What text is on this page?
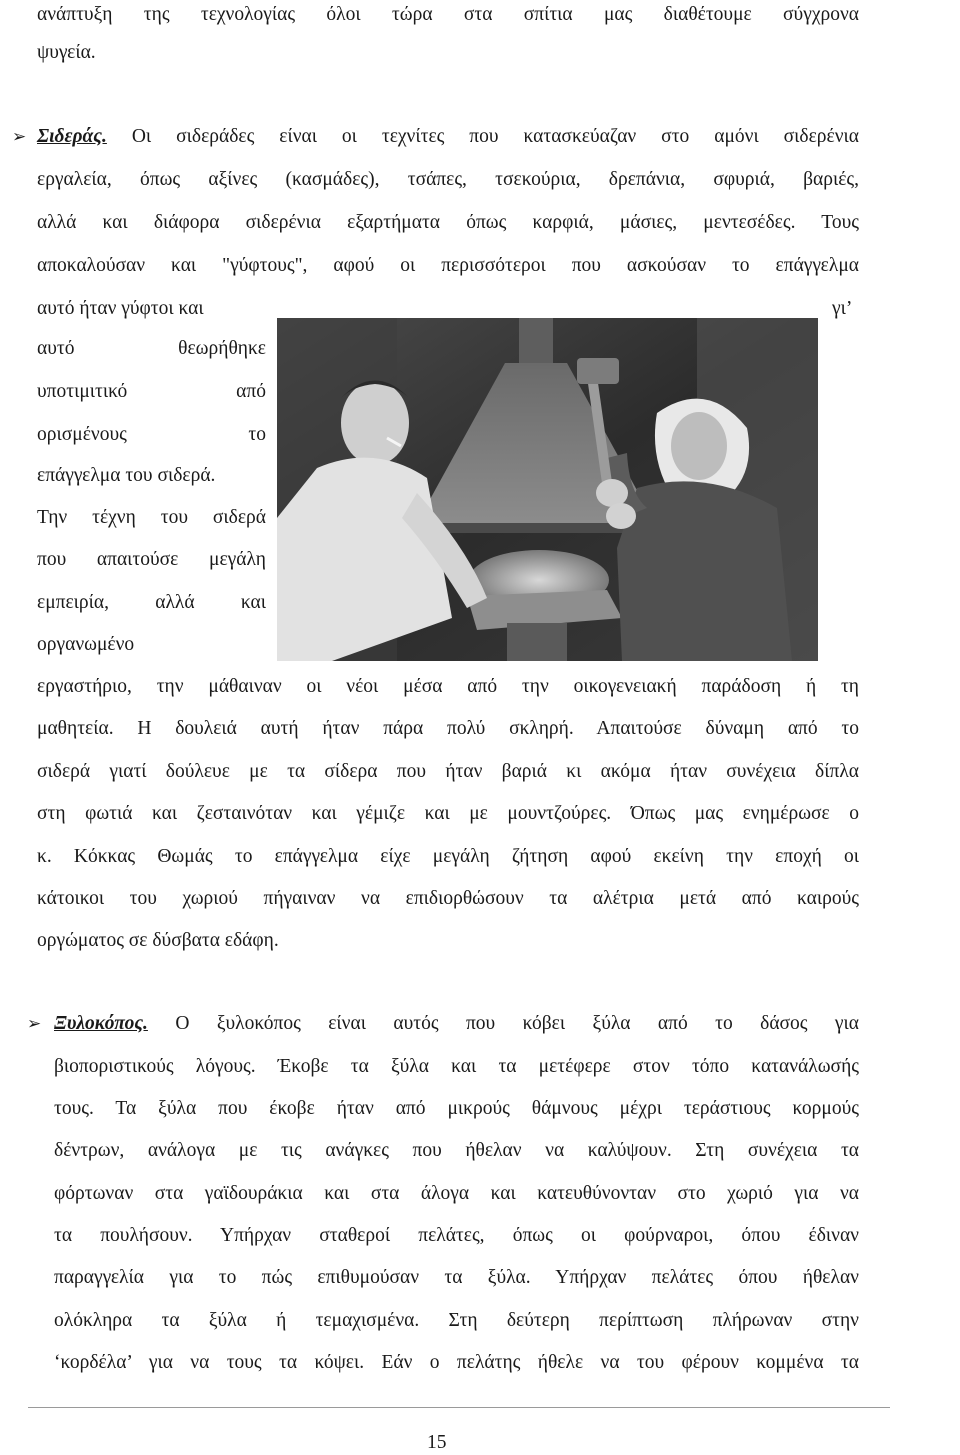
ανάπτυξη της τεχνολογίας όλοι τώρα στα σπίτια μας διαθέτουμε σύγχρονα
ψυγεία.
➢ Σιδεράς. Οι σιδεράδες είναι οι τεχνίτες που κατασκεύαζαν στο αμόνι σιδερένια
εργαλεία, όπως αξίνες (κασμάδες), τσάπες, τσεκούρια, δρεπάνια, σφυριά, βαριές,
αλλά και διάφορα σιδερένια εξαρτήματα όπως καρφιά, μάσιες, μεντεσέδες. Τους
αποκαλούσαν και "γύφτους", αφού οι περισσότεροι που ασκούσαν το επάγγελμα
αυτό ήταν γύφτοι και	γι’
αυτό θεωρήθηκε
υποτιμιτικό από
ορισμένους το
επάγγελμα του σιδερά.
Την τέχνη του σιδερά
που απαιτούσε μεγάλη
εμπειρία, αλλά και
οργανωμένο
εργαστήριο, την μάθαιναν οι νέοι μέσα από την οικογενειακή παράδοση ή τη
μαθητεία. Η δουλειά αυτή ήταν πάρα πολύ σκληρή. Απαιτούσε δύναμη από το
σιδερά γιατί δούλευε με τα σίδερα που ήταν βαριά κι ακόμα ήταν συνέχεια δίπλα
στη φωτιά και ζεσταινόταν και γέμιζε και με μουντζούρες. Όπως μας ενημέρωσε ο
κ. Κόκκας Θωμάς το επάγγελμα είχε μεγάλη ζήτηση αφού εκείνη την εποχή οι
κάτοικοι του χωριού πήγαιναν να επιδιορθώσουν τα αλέτρια μετά από καιρούς
οργώματος σε δύσβατα εδάφη.
➢ Ξυλοκόπος. Ο ξυλοκόπος είναι αυτός που κόβει ξύλα από το δάσος για
βιοποριστικούς λόγους. Έκοβε τα ξύλα και τα μετέφερε στον τόπο κατανάλωσής
τους. Τα ξύλα που έκοβε ήταν από μικρούς θάμνους μέχρι τεράστιους κορμούς
δέντρων, ανάλογα με τις ανάγκες που ήθελαν να καλύψουν. Στη συνέχεια τα
φόρτωναν στα γαϊδουράκια και στα άλογα και κατευθύνονταν στο χωριό για να
τα πουλήσουν. Υπήρχαν σταθεροί πελάτες, όπως οι φούρναροι, όπου έδιναν
παραγγελία για το πώς επιθυμούσαν τα ξύλα. Υπήρχαν πελάτες όπου ήθελαν
ολόκληρα τα ξύλα ή τεμαχισμένα. Στη δεύτερη περίπτωση πλήρωναν στην
‘κορδέλα’ για να τους τα κόψει. Εάν ο πελάτης ήθελε να του φέρουν κομμένα τα
15
